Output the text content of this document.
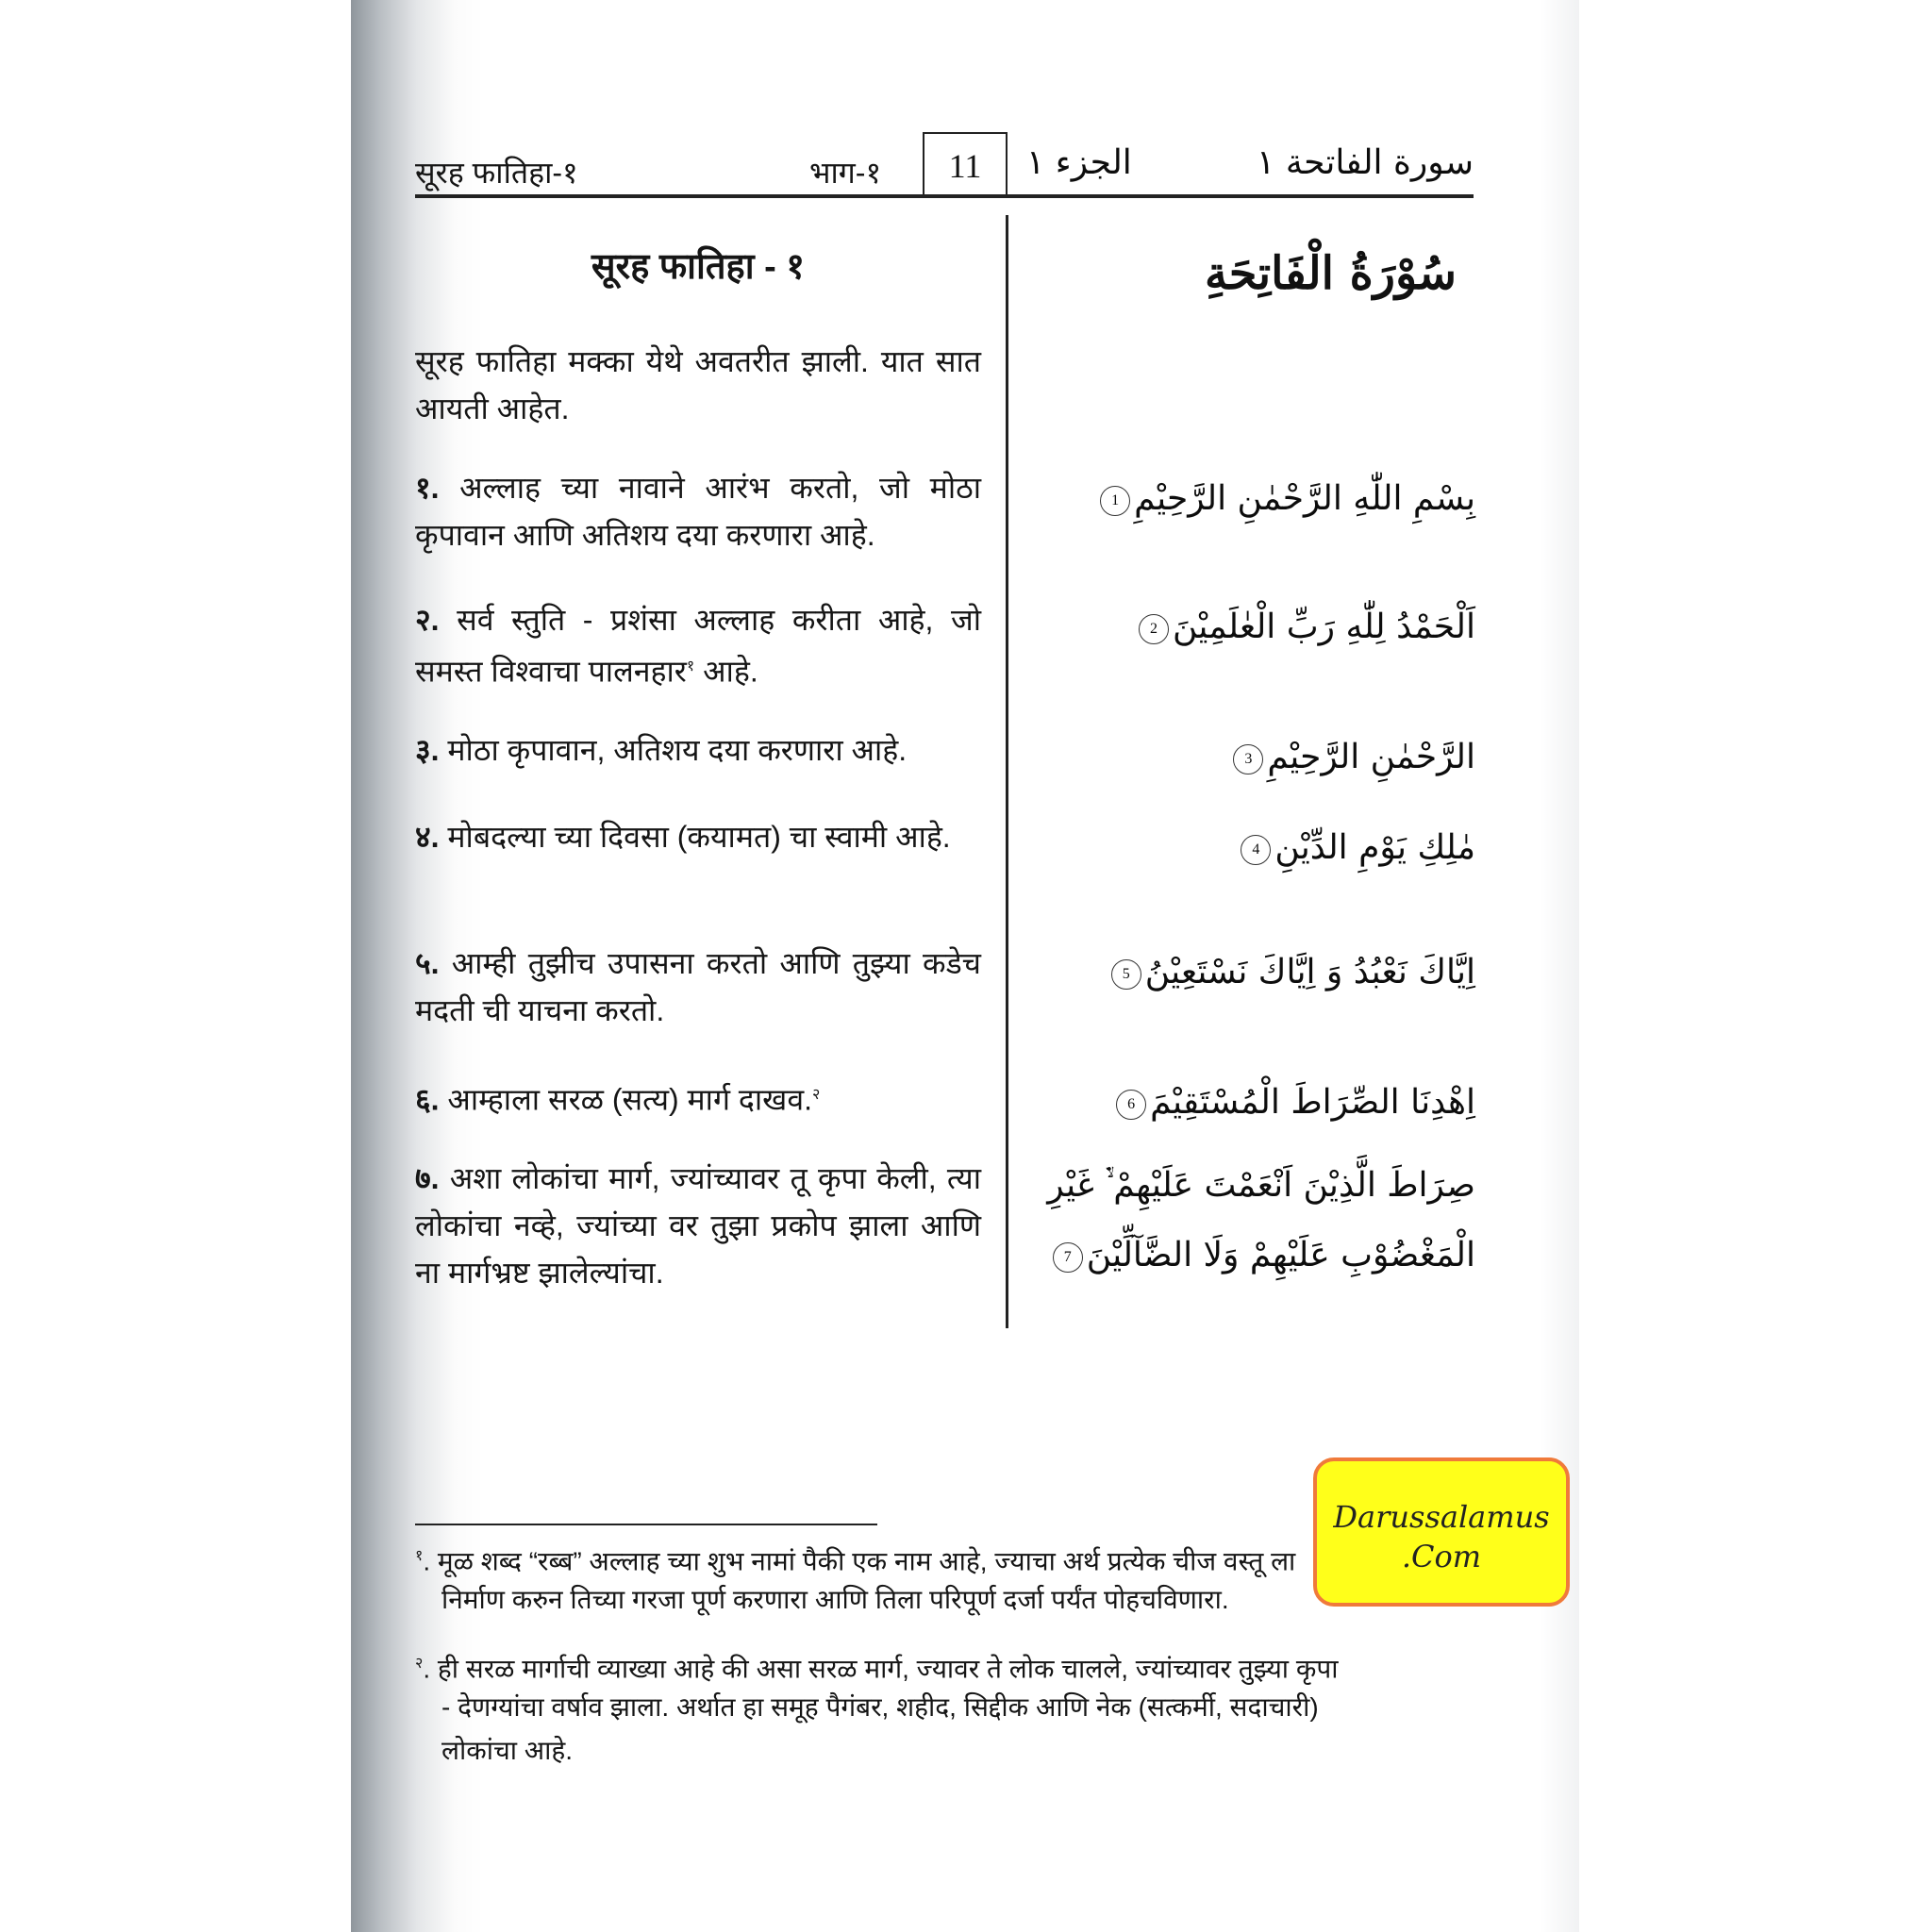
सूरह फातिहा-१	भाग-१	11	الجزء ١	سورة الفاتحة ١
सूरह फातिहा - १
सूरह फातिहा मक्का येथे अवतरीत झाली. यात सात आयती आहेत.
१. अल्लाह च्या नावाने आरंभ करतो, जो मोठा कृपावान आणि अतिशय दया करणारा आहे.
२. सर्व स्तुति - प्रशंसा अल्लाह करीता आहे, जो समस्त विश्वाचा पालनहार$^१$ आहे.
३. मोठा कृपावान, अतिशय दया करणारा आहे.
४. मोबदल्या च्या दिवसा (कयामत) चा स्वामी आहे.
५. आम्ही तुझीच उपासना करतो आणि तुझ्या कडेच मदती ची याचना करतो.
६. आम्हाला सरळ (सत्य) मार्ग दाखव.$^२$
७. अशा लोकांचा मार्ग, ज्यांच्यावर तू कृपा केली, त्या लोकांचा नव्हे, ज्यांच्या वर तुझा प्रकोप झाला आणि ना मार्गभ्रष्ट झालेल्यांचा.
سُوْرَةُ الْفَاتِحَةِ
بِسْمِ اللّٰهِ الرَّحْمٰنِ الرَّحِيْمِ1
اَلْحَمْدُ لِلّٰهِ رَبِّ الْعٰلَمِيْنَ2
الرَّحْمٰنِ الرَّحِيْمِ3
مٰلِكِ يَوْمِ الدِّيْنِ4
اِيَّاكَ نَعْبُدُ وَ اِيَّاكَ نَسْتَعِيْنُ5
اِهْدِنَا الصِّرَاطَ الْمُسْتَقِيْمَ6
صِرَاطَ الَّذِيْنَ اَنْعَمْتَ عَلَيْهِمْ ۙ۬ غَيْرِ
الْمَغْضُوْبِ عَلَيْهِمْ وَلَا الضَّآلِّيْنَ7
$^१$. मूळ शब्द “रब्ब” अल्लाह च्या शुभ नामां पैकी एक नाम आहे, ज्याचा अर्थ प्रत्येक चीज वस्तू ला
निर्माण करुन तिच्या गरजा पूर्ण करणारा आणि तिला परिपूर्ण दर्जा पर्यंत पोहचविणारा.
$^२$. ही सरळ मार्गाची व्याख्या आहे की असा सरळ मार्ग, ज्यावर ते लोक चालले, ज्यांच्यावर तुझ्या कृपा
- देणग्यांचा वर्षाव झाला. अर्थात हा समूह पैगंबर, शहीद, सिद्दीक आणि नेक (सत्कर्मी, सदाचारी)
लोकांचा आहे.
Darussalamus
.Com
